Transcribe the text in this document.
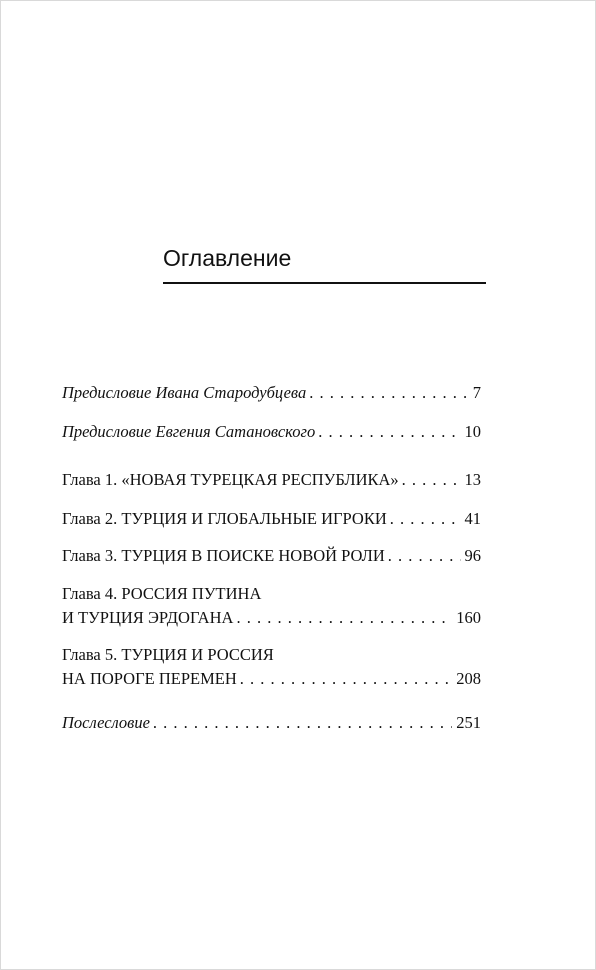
Оглавление
Предисловие Ивана Стародубцева . . .	7
Предисловие Евгения Сатановского . . .	10
Глава 1. «НОВАЯ ТУРЕЦКАЯ РЕСПУБЛИКА» . . .	13
Глава 2. ТУРЦИЯ И ГЛОБАЛЬНЫЕ ИГРОКИ . . .	41
Глава 3. ТУРЦИЯ В ПОИСКЕ НОВОЙ РОЛИ . . .	96
Глава 4. РОССИЯ ПУТИНА
И ТУРЦИЯ ЭРДОГАНА . . .	160
Глава 5. ТУРЦИЯ И РОССИЯ
НА ПОРОГЕ ПЕРЕМЕН . . .	208
Послесловие . . .	251
